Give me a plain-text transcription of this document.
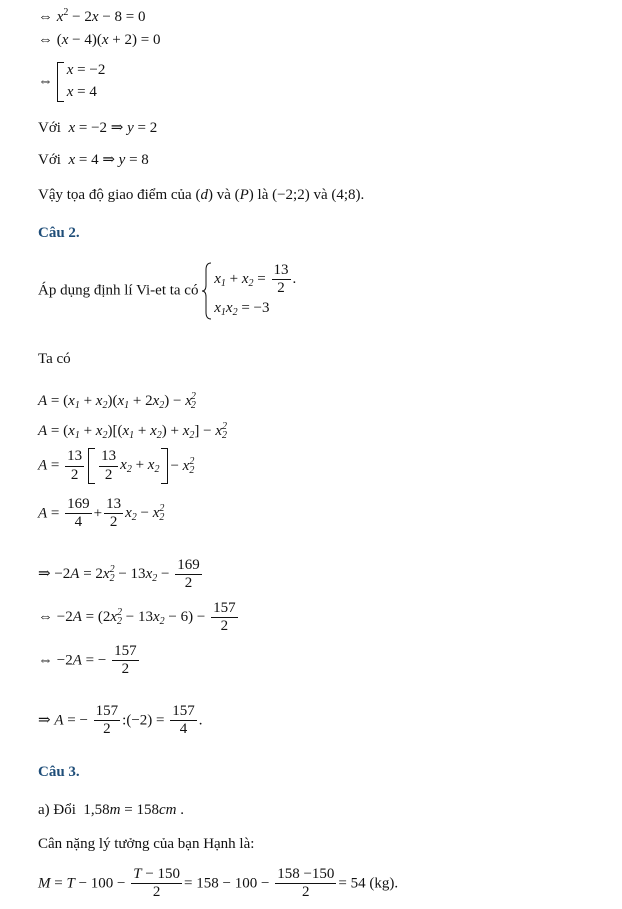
⇔ $x^2 - 2x - 8 = 0$
⇔ (x − 4)(x + 2) = 0
⇔
x = −2
x = 4
Với  x = −2 ⇒ y = 2
Với  x = 4 ⇒ y = 8
Vậy tọa độ giao điểm của (d) và (P) là (−2;2) và (4;8).
Câu 2.
Áp dụng định lí Vi-et ta có
$x_1 + x_2 = \frac{13}{2}$ .
$x_1x_2 = -3$
Ta có
$A = (x_1 + x_2)(x_1 + 2x_2) - x_2^2$
$A = (x_1 + x_2)[(x_1 + x_2) + x_2] - x_2^2$
$A = \frac{13}{2} \frac{13}{2} x_2 + x_2 - x_2^2$
$A = \frac{169}{4} + \frac{13}{2} x_2 - x_2^2$
⇒ $-2A = 2x_2^2 - 13x_2 - \frac{169}{2}$
⇔ $-2A = (2x_2^2 - 13x_2 - 6) - \frac{157}{2}$
⇔ −2A = − $\frac{157}{2}$
⇒ A = − $\frac{157}{2}$ :(−2) = $\frac{157}{4}$ .
Câu 3.
a) Đổi  1,58m = 158cm .
Cân nặng lý tưởng của bạn Hạnh là:
$M = T - 100 - \frac{T - 150}{2} = 158 - 100 - \frac{158 -150}{2} = 54$ (kg).
